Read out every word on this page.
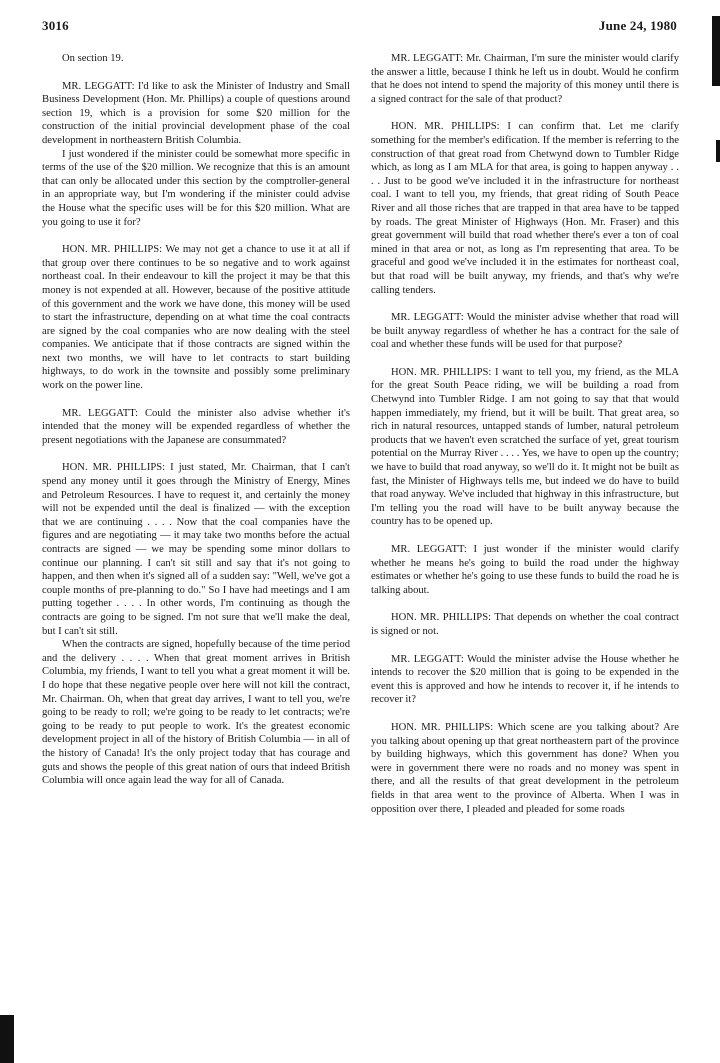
3016	June 24, 1980

On section 19.

MR. LEGGATT: I'd like to ask the Minister of Industry and Small Business Development (Hon. Mr. Phillips) a couple of questions around section 19, which is a provision for some $20 million for the construction of the initial provincial development phase of the coal development in northeastern British Columbia.

I just wondered if the minister could be somewhat more specific in terms of the use of the $20 million. We recognize that this is an amount that can only be allocated under this section by the comptroller-general in an appropriate way, but I'm wondering if the minister could advise the House what the specific uses will be for this $20 million. What are you going to use it for?

HON. MR. PHILLIPS: We may not get a chance to use it at all if that group over there continues to be so negative and to work against northeast coal. In their endeavour to kill the project it may be that this money is not expended at all. However, because of the positive attitude of this government and the work we have done, this money will be used to start the infrastructure, depending on at what time the coal contracts are signed by the coal companies who are now dealing with the steel companies. We anticipate that if those contracts are signed within the next two months, we will have to let contracts to start building highways, to do work in the townsite and possibly some preliminary work on the power line.

MR. LEGGATT: Could the minister also advise whether it's intended that the money will be expended regardless of whether the present negotiations with the Japanese are consummated?

HON. MR. PHILLIPS: I just stated, Mr. Chairman, that I can't spend any money until it goes through the Ministry of Energy, Mines and Petroleum Resources. I have to request it, and certainly the money will not be expended until the deal is finalized — with the exception that we are continuing . . . . Now that the coal companies have the figures and are negotiating — it may take two months before the actual contracts are signed — we may be spending some minor dollars to continue our planning. I can't sit still and say that it's not going to happen, and then when it's signed all of a sudden say: "Well, we've got a couple months of pre-planning to do." So I have had meetings and I am putting together . . . . In other words, I'm continuing as though the contracts are going to be signed. I'm not sure that we'll make the deal, but I can't sit still.

When the contracts are signed, hopefully because of the time period and the delivery . . . . When that great moment arrives in British Columbia, my friends, I want to tell you what a great moment it will be. I do hope that these negative people over here will not kill the contract, Mr. Chairman. Oh, when that great day arrives, I want to tell you, we're going to be ready to roll; we're going to be ready to let contracts; we're going to be ready to put people to work. It's the greatest economic development project in all of the history of British Columbia — in all of the history of Canada! It's the only project today that has courage and guts and shows the people of this great nation of ours that indeed British Columbia will once again lead the way for all of Canada.

MR. LEGGATT: Mr. Chairman, I'm sure the minister would clarify the answer a little, because I think he left us in doubt. Would he confirm that he does not intend to spend the majority of this money until there is a signed contract for the sale of that product?

HON. MR. PHILLIPS: I can confirm that. Let me clarify something for the member's edification. If the member is referring to the construction of that great road from Chetwynd down to Tumbler Ridge which, as long as I am MLA for that area, is going to happen anyway . . . . Just to be good we've included it in the infrastructure for northeast coal. I want to tell you, my friends, that great riding of South Peace River and all those riches that are trapped in that area have to be tapped by roads. The great Minister of Highways (Hon. Mr. Fraser) and this great government will build that road whether there's ever a ton of coal mined in that area or not, as long as I'm representing that area. To be graceful and good we've included it in the estimates for northeast coal, but that road will be built anyway, my friends, and that's why we're calling tenders.

MR. LEGGATT: Would the minister advise whether that road will be built anyway regardless of whether he has a contract for the sale of coal and whether these funds will be used for that purpose?

HON. MR. PHILLIPS: I want to tell you, my friend, as the MLA for the great South Peace riding, we will be building a road from Chetwynd into Tumbler Ridge. I am not going to say that that would happen immediately, my friend, but it will be built. That great area, so rich in natural resources, untapped stands of lumber, natural petroleum products that we haven't even scratched the surface of yet, great tourism potential on the Murray River . . . . Yes, we have to open up the country; we have to build that road anyway, so we'll do it. It might not be built as fast, the Minister of Highways tells me, but indeed we do have to build that road anyway. We've included that highway in this infrastructure, but I'm telling you the road will have to be built anyway because the country has to be opened up.

MR. LEGGATT: I just wonder if the minister would clarify whether he means he's going to build the road under the highway estimates or whether he's going to use these funds to build the road he is talking about.

HON. MR. PHILLIPS: That depends on whether the coal contract is signed or not.

MR. LEGGATT: Would the minister advise the House whether he intends to recover the $20 million that is going to be expended in the event this is approved and how he intends to recover it, if he intends to recover it?

HON. MR. PHILLIPS: Which scene are you talking about? Are you talking about opening up that great northeastern part of the province by building highways, which this government has done? When you were in government there were no roads and no money was spent in there, and all the results of that great development in the petroleum fields in that area went to the province of Alberta. When I was in opposition over there, I pleaded and pleaded for some roads
